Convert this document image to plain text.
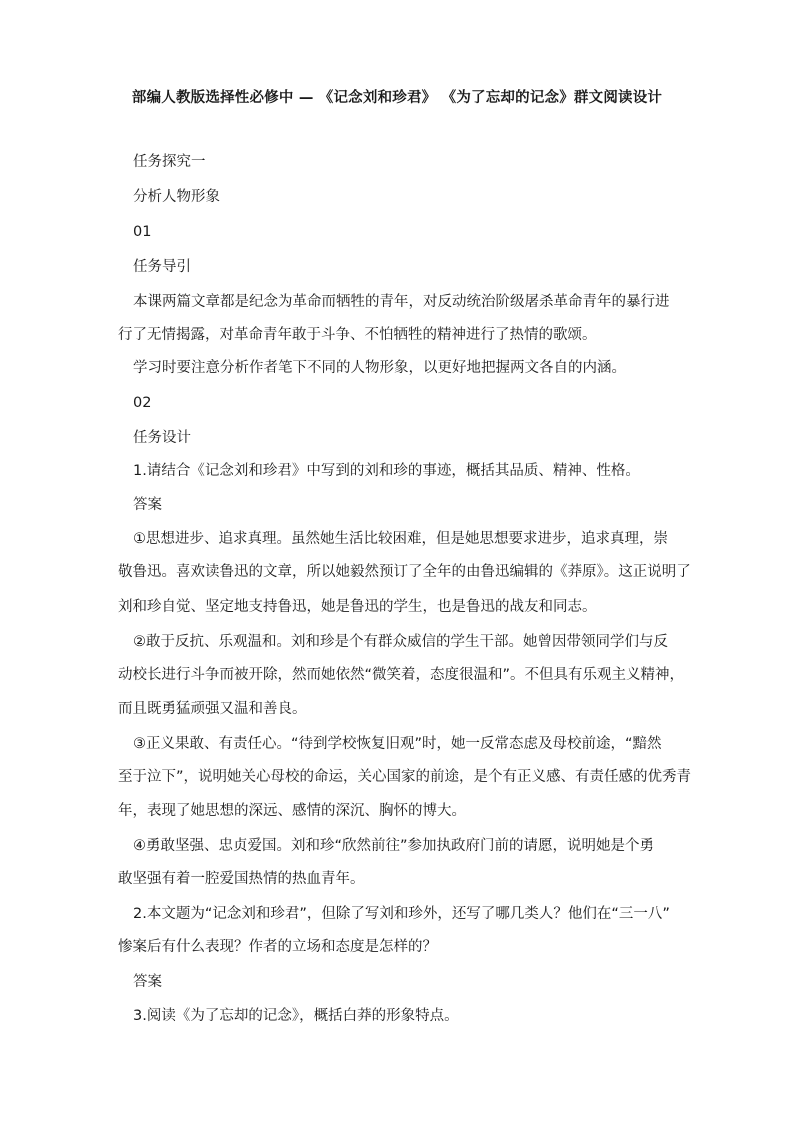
部编人教版选择性必修中 — 《记念刘和珍君》 《为了忘却的记念》群文阅读设计
任务探究一
分析人物形象
01
任务导引
本课两篇文章都是纪念为革命而牺牲的青年，对反动统治阶级屠杀革命青年的暴行进
行了无情揭露，对革命青年敢于斗争、不怕牺牲的精神进行了热情的歌颂。
学习时要注意分析作者笔下不同的人物形象，以更好地把握两文各自的内涵。
02
任务设计
1.请结合《记念刘和珍君》中写到的刘和珍的事迹，概括其品质、精神、性格。
答案
①思想进步、追求真理。虽然她生活比较困难，但是她思想要求进步，追求真理，崇
敬鲁迅。喜欢读鲁迅的文章，所以她毅然预订了全年的由鲁迅编辑的《莽原》。这正说明了
刘和珍自觉、坚定地支持鲁迅，她是鲁迅的学生，也是鲁迅的战友和同志。
②敢于反抗、乐观温和。刘和珍是个有群众威信的学生干部。她曾因带领同学们与反
动校长进行斗争而被开除，然而她依然“微笑着，态度很温和”。不但具有乐观主义精神，
而且既勇猛顽强又温和善良。
③正义果敢、有责任心。“待到学校恢复旧观”时，她一反常态虑及母校前途，“黯然
至于泣下”，说明她关心母校的命运，关心国家的前途，是个有正义感、有责任感的优秀青
年，表现了她思想的深远、感情的深沉、胸怀的博大。
④勇敢坚强、忠贞爱国。刘和珍“欣然前往”参加执政府门前的请愿，说明她是个勇
敢坚强有着一腔爱国热情的热血青年。
2.本文题为“记念刘和珍君”，但除了写刘和珍外，还写了哪几类人？他们在“三一八”
惨案后有什么表现？作者的立场和态度是怎样的？
答案
3.阅读《为了忘却的记念》，概括白莽的形象特点。
